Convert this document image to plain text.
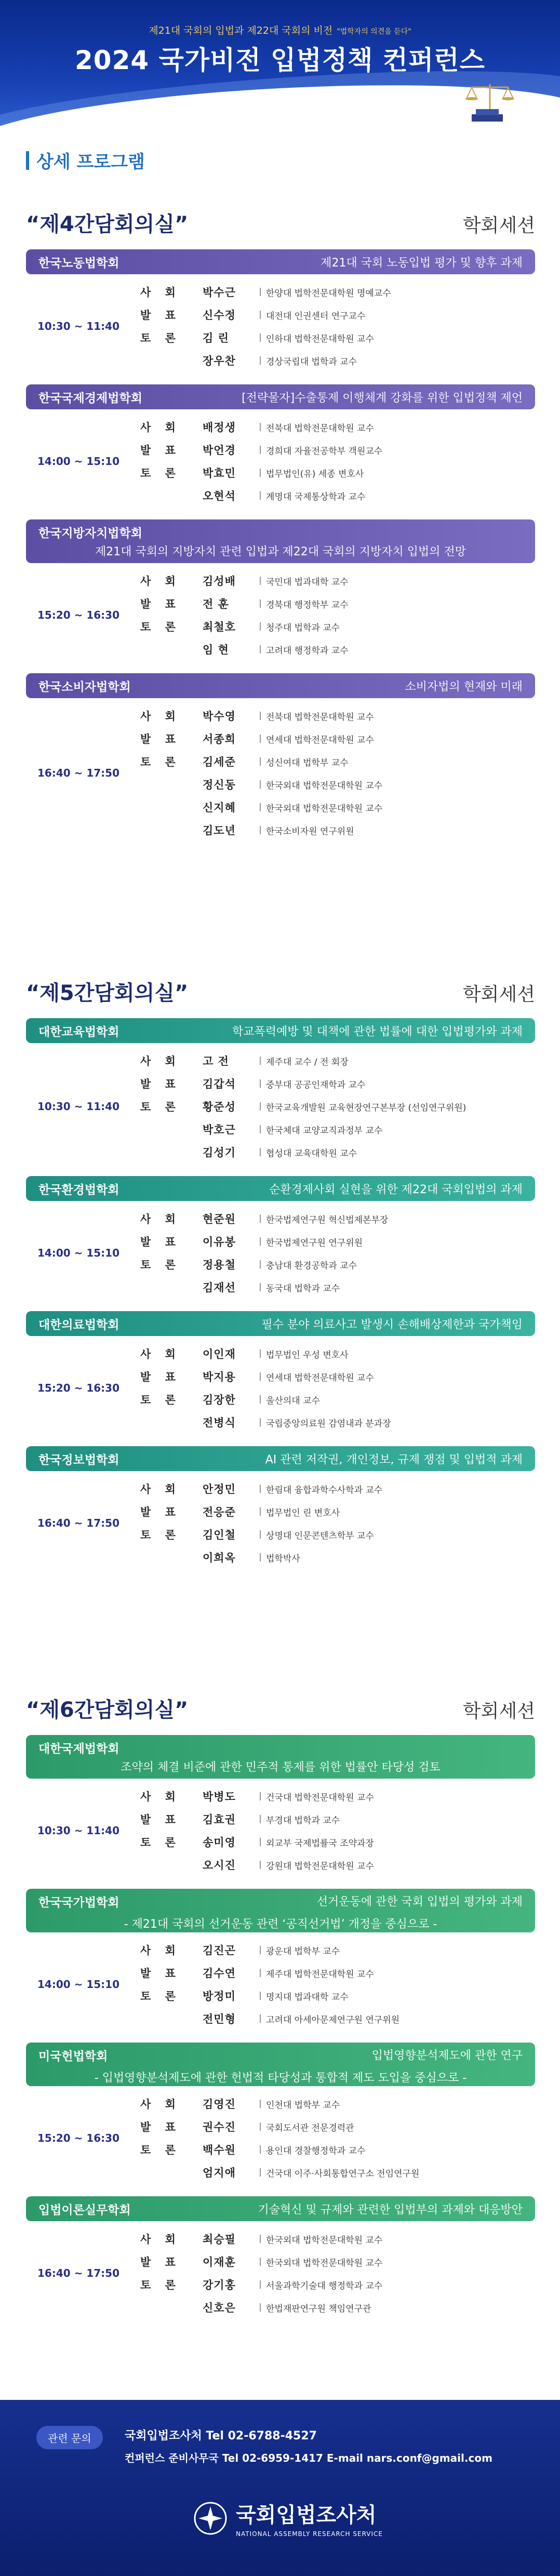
제21대 국회의 입법과 제22대 국회의 비전 "법학자의 의견을 듣다"
2024 국가비전 입법정책 컨퍼런스
상세 프로그램
“제4간담회의실”	학회세션
한국노동법학회	제21대 국회 노동입법 평가 및 향후 과제
10:30 ~ 11:40
사 회	박수근	한양대 법학전문대학원 명예교수
발 표	신수정	대전대 인권센터 연구교수
토 론	김 린	인하대 법학전문대학원 교수
장우찬	경상국립대 법학과 교수
한국국제경제법학회	[전략물자]수출통제 이행체계 강화를 위한 입법정책 제언
14:00 ~ 15:10
사 회	배정생	전북대 법학전문대학원 교수
발 표	박언경	경희대 자율전공학부 객원교수
토 론	박효민	법무법인(유) 세종 변호사
오현석	계명대 국제통상학과 교수
한국지방자치법학회
제21대 국회의 지방자치 관련 입법과 제22대 국회의 지방자치 입법의 전망
15:20 ~ 16:30
사 회	김성배	국민대 법과대학 교수
발 표	전 훈	경북대 행정학부 교수
토 론	최철호	청주대 법학과 교수
임 현	고려대 행정학과 교수
한국소비자법학회	소비자법의 현재와 미래
16:40 ~ 17:50
사 회	박수영	전북대 법학전문대학원 교수
발 표	서종희	연세대 법학전문대학원 교수
토 론	김세준	성신여대 법학부 교수
정신동	한국외대 법학전문대학원 교수
신지혜	한국외대 법학전문대학원 교수
김도년	한국소비자원 연구위원
“제5간담회의실”	학회세션
대한교육법학회	학교폭력예방 및 대책에 관한 법률에 대한 입법평가와 과제
10:30 ~ 11:40
사 회	고 전	제주대 교수 / 전 회장
발 표	김갑석	중부대 공공인재학과 교수
토 론	황준성	한국교육개발원 교육현장연구본부장 (선임연구위원)
박호근	한국체대 교양교직과정부 교수
김성기	협성대 교육대학원 교수
한국환경법학회	순환경제사회 실현을 위한 제22대 국회입법의 과제
14:00 ~ 15:10
사 회	현준원	한국법제연구원 혁신법제본부장
발 표	이유봉	한국법제연구원 연구위원
토 론	정용철	충남대 환경공학과 교수
김재선	동국대 법학과 교수
대한의료법학회	필수 분야 의료사고 발생시 손해배상제한과 국가책임
15:20 ~ 16:30
사 회	이인재	법무법인 우성 변호사
발 표	박지용	연세대 법학전문대학원 교수
토 론	김장한	울산의대 교수
전병식	국립중앙의료원 감염내과 분과장
한국정보법학회	AI 관련 저작권, 개인정보, 규제 쟁점 및 입법적 과제
16:40 ~ 17:50
사 회	안정민	한림대 융합과학수사학과 교수
발 표	전응준	법무법인 린 변호사
토 론	김인철	상명대 인문콘텐츠학부 교수
이희옥	법학박사
“제6간담회의실”	학회세션
대한국제법학회
조약의 체결 비준에 관한 민주적 통제를 위한 법률안 타당성 검토
10:30 ~ 11:40
사 회	박병도	건국대 법학전문대학원 교수
발 표	김효권	부경대 법학과 교수
토 론	송미영	외교부 국제법률국 조약과장
오시진	강원대 법학전문대학원 교수
한국국가법학회	선거운동에 관한 국회 입법의 평가와 과제
- 제21대 국회의 선거운동 관련 ‘공직선거법’ 개정을 중심으로 -
14:00 ~ 15:10
사 회	김진곤	광운대 법학부 교수
발 표	김수연	제주대 법학전문대학원 교수
토 론	방정미	명지대 법과대학 교수
전민형	고려대 아세아문제연구원 연구위원
미국헌법학회	입법영향분석제도에 관한 연구
- 입법영향분석제도에 관한 헌법적 타당성과 통합적 제도 도입을 중심으로 -
15:20 ~ 16:30
사 회	김영진	인천대 법학부 교수
발 표	권수진	국회도서관 전문경력관
토 론	백수원	용인대 경찰행정학과 교수
엄지애	건국대 이주·사회통합연구소 전임연구원
입법이론실무학회	기술혁신 및 규제와 관련한 입법부의 과제와 대응방안
16:40 ~ 17:50
사 회	최승필	한국외대 법학전문대학원 교수
발 표	이재훈	한국외대 법학전문대학원 교수
토 론	강기홍	서울과학기술대 행정학과 교수
신호은	한법재판연구원 책임연구관
관련 문의	국회입법조사처 Tel 02-6788-4527
컨퍼런스 준비사무국 Tel 02-6959-1417 E-mail nars.conf@gmail.com
국회입법조사처
NATIONAL ASSEMBLY RESEARCH SERVICE
